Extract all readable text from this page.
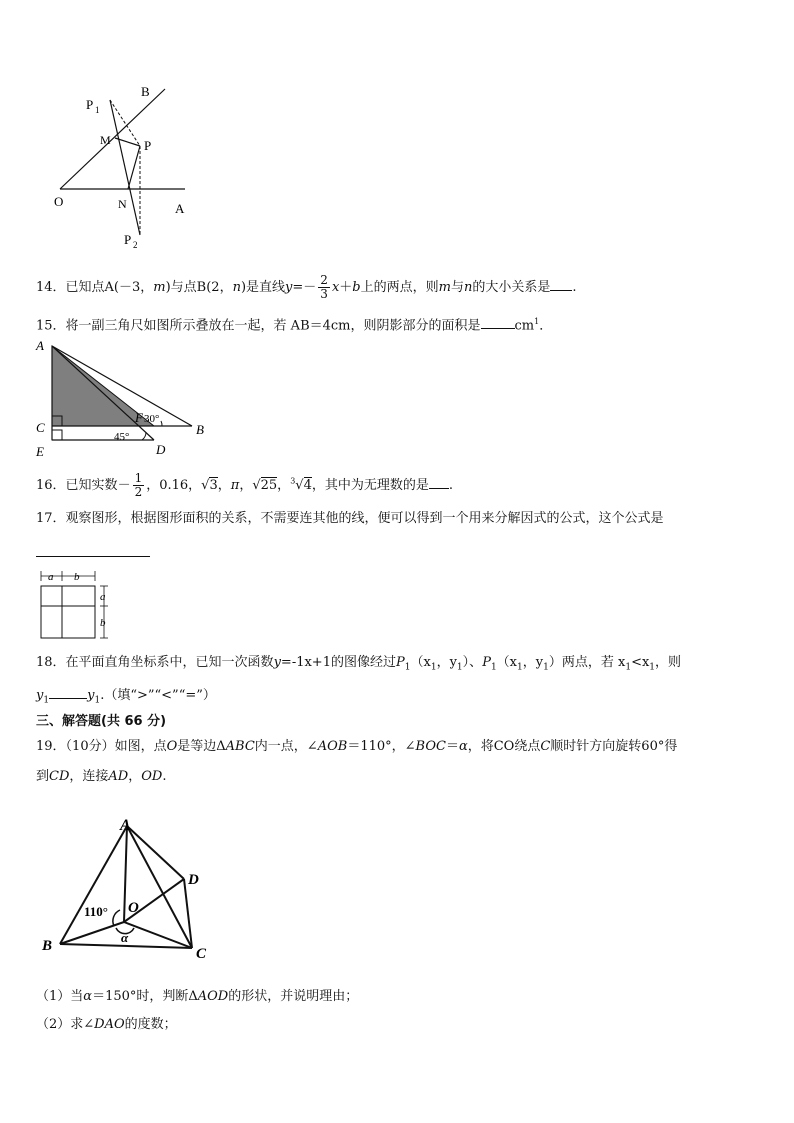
B
P 1
M	P
O	N	A
P 2
14．已知点A(－3，m)与点B(2，n)是直线$y=- \frac{2}{3} x+b$上的两点，则m与n的大小关系是 .
15．将一副三角尺如图所示叠放在一起，若 AB＝4cm，则阴影部分的面积是	$cm^1$．
A
C
E
F 30°
B
45°
D
16．已知实数－ $\frac{1}{2}$ ，0.16，√3，π，√25，$^3$√4，其中为无理数的是 .
17．观察图形，根据图形面积的关系，不需要连其他的线，便可以得到一个用来分解因式的公式，这个公式是
a b
a
b
18．在平面直角坐标系中，已知一次函数y=-1x+1的图像经过$P_1(x_1$，$y_1$）、$P_1(x_1$，$y_1$）两点，若 $x_1<x_1$，则
$y_1$	$y_1$.（填“>”“<”“=”）
三、解答题(共 66 分)
19．（10分）如图，点O是等边ΔABC内一点，∠AOB＝110°，∠BOC＝α，将CO绕点C顺时针方向旋转60°得
到CD，连接AD，OD.
A
B	C
D
O
110°
α
（1）当α＝150°时，判断ΔAOD的形状，并说明理由；
（2）求∠DAO的度数；
